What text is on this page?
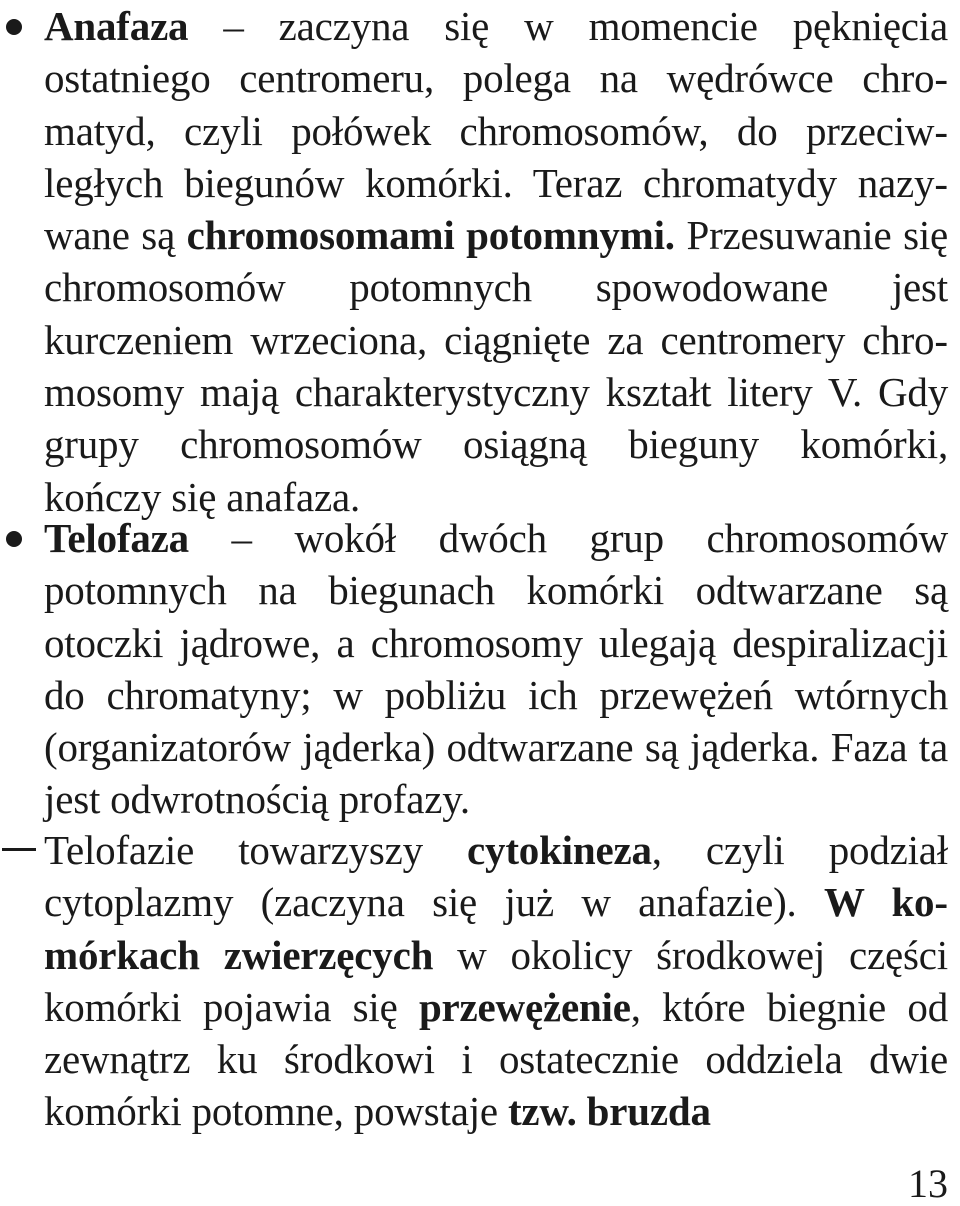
Anafaza – zaczyna się w momencie pęknięcia ostatniego centromeru, polega na wędrówce chromatyd, czyli połówek chromosomów, do przeciwległych biegunów komórki. Teraz chromatydy nazywane są chromosomami potomnymi. Przesuwanie się chromosomów potomnych spowodowane jest kurczeniem wrzeciona, ciągnięte za centromery chromosomy mają charakterystyczny kształt litery V. Gdy grupy chromosomów osiągną bieguny komórki, kończy się anafaza.
Telofaza – wokół dwóch grup chromosomów potomnych na biegunach komórki odtwarzane są otoczki jądrowe, a chromosomy ulegają despiralizacji do chromatyny; w pobliżu ich przewężeń wtórnych (organizatorów jąderka) odtwarzane są jąderka. Faza ta jest odwrotnością profazy.
Telofazie towarzyszy cytokineza, czyli podział cytoplazmy (zaczyna się już w anafazie). W komórkach zwierzęcych w okolicy środkowej części komórki pojawia się przewężenie, które biegnie od zewnątrz ku środkowi i ostatecznie oddziela dwie komórki potomne, powstaje tzw. bruzda
13
